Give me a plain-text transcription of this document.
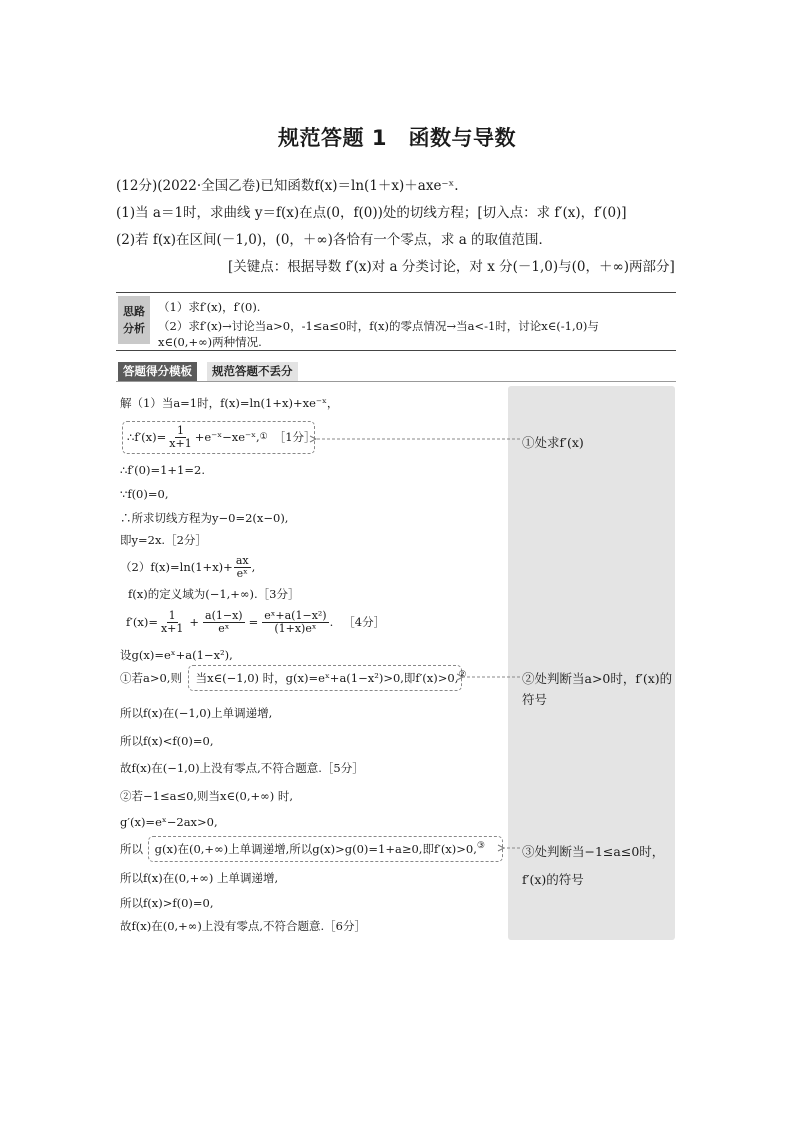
规范答题 1　函数与导数
(12分)(2022·全国乙卷)已知函数f(x)＝ln(1＋x)＋axe⁻ˣ.
(1)当 a＝1时，求曲线 y＝f(x)在点(0，f(0))处的切线方程；[切入点：求 f′(x)，f′(0)]
(2)若 f(x)在区间(－1,0)，(0，＋∞)各恰有一个零点，求 a 的取值范围．
[关键点：根据导数 f′(x)对 a 分类讨论，对 x 分(－1,0)与(0，＋∞)两部分]
思路
分析
（1）求f′(x)，f′(0).
（2）求f′(x)→讨论当a>0，-1≤a≤0时，f(x)的零点情况→当a<-1时，讨论x∈(-1,0)与
x∈(0,+∞)两种情况.
答题得分模板	规范答题不丢分
解（1）当a=1时，f(x)=ln(1+x)+xe⁻ˣ，
∴f′(x)= $\frac{1}{x+1}$ +e⁻ˣ−xe⁻ˣ, ① ［1分］
∴f′(0)=1+1=2.
∵f(0)=0,
∴所求切线方程为y−0=2(x−0),
即y=2x.［2分］
$(2)f(x)=\ln(1+x)+ \frac{ax}{\text{eˣ}}$ ,
f(x)的定义域为(−1,+∞).［3分］
$f'(x)= \frac{1}{x+1} + \frac{a(1-x)}{\text{eˣ}} = \frac{\text{eˣ+a(1−x²)}}{\text{(1+x)eˣ}}$ . ［4分］
设g(x)=eˣ+a(1−x²),
①若a>0,则 当x∈(−1,0) 时，g(x)=eˣ+a(1−x²)>0,即f′(x)>0,②
所以f(x)在(−1,0)上单调递增,
所以f(x)<f(0)=0,
故f(x)在(−1,0)上没有零点,不符合题意.［5分］
②若−1≤a≤0,则当x∈(0,+∞) 时,
g′(x)=eˣ−2ax>0,
所以 g(x)在(0,+∞)上单调递增,所以g(x)>g(0)=1+a≥0,即f′(x)>0,③
所以f(x)在(0,+∞) 上单调递增,
所以f(x)>f(0)=0,
故f(x)在(0,+∞)上没有零点,不符合题意.［6分］
①处求f′(x)
②处判断当a>0时，f′(x)的
符号
③处判断当−1≤a≤0时，
f′(x)的符号
